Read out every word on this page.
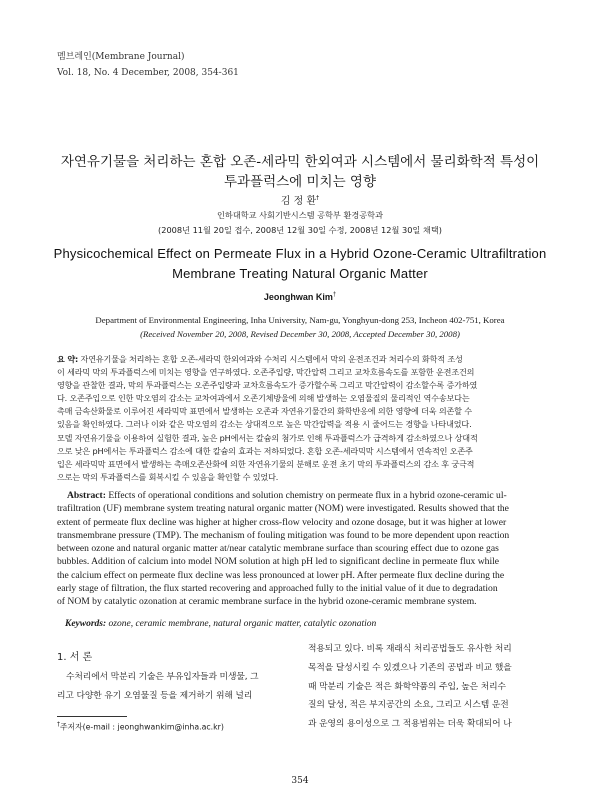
멤브레인(Membrane Journal)
Vol. 18, No. 4 December, 2008, 354-361
자연유기물을 처리하는 혼합 오존-세라믹 한외여과 시스템에서 물리화학적 특성이
투과플럭스에 미치는 영향
김 정 환†
인하대학교 사회기반시스템 공학부 환경공학과
(2008년 11월 20일 접수, 2008년 12월 30일 수정, 2008년 12월 30일 채택)
Physicochemical Effect on Permeate Flux in a Hybrid Ozone-Ceramic Ultrafiltration
Membrane Treating Natural Organic Matter
Jeonghwan Kim†
Department of Environmental Engineering, Inha University, Nam-gu, Yonghyun-dong 253, Incheon 402-751, Korea
(Received November 20, 2008, Revised December 30, 2008, Accepted December 30, 2008)
요 약: 자연유기물을 처리하는 혼합 오존-세라믹 한외여과와 수처리 시스템에서 막의 운전조건과 처리수의 화학적 조성
이 세라믹 막의 투과플럭스에 미치는 영향을 연구하였다. 오존주입량, 막간압력 그리고 교차흐름속도를 포함한 운전조건의
영향을 관찰한 결과, 막의 투과플럭스는 오존주입량과 교차흐름속도가 증가할수록 그리고 막간압력이 감소할수록 증가하였
다. 오존주입으로 인한 막오염의 감소는 교차여과에서 오존기체방울에 의해 발생하는 오염물질의 물리적인 역수송보다는
촉매 금속산화물로 이루어진 세라믹막 표면에서 발생하는 오존과 자연유기물간의 화학반응에 의한 영향에 더욱 의존할 수
있음을 확인하였다. 그러나 이와 같은 막오염의 감소는 상대적으로 높은 막간압력을 적용 시 줄어드는 경향을 나타내었다.
모델 자연유기물을 이용하여 실험한 결과, 높은 pH에서는 칼슘의 첨가로 인해 투과플럭스가 급격하게 감소하였으나 상대적
으로 낮은 pH에서는 투과플럭스 감소에 대한 칼슘의 효과는 저하되었다. 혼합 오존-세라믹막 시스템에서 연속적인 오존주
입은 세라믹막 표면에서 발생하는 촉매오존산화에 의한 자연유기물의 분해로 운전 초기 막의 투과플럭스의 감소 후 궁극적
으로는 막의 투과플럭스를 회복시킬 수 있음을 확인할 수 있었다.
Abstract: Effects of operational conditions and solution chemistry on permeate flux in a hybrid ozone-ceramic ul-
trafiltration (UF) membrane system treating natural organic matter (NOM) were investigated. Results showed that the
extent of permeate flux decline was higher at higher cross-flow velocity and ozone dosage, but it was higher at lower
transmembrane pressure (TMP). The mechanism of fouling mitigation was found to be more dependent upon reaction
between ozone and natural organic matter at/near catalytic membrane surface than scouring effect due to ozone gas
bubbles. Addition of calcium into model NOM solution at high pH led to significant decline in permeate flux while
the calcium effect on permeate flux decline was less pronounced at lower pH. After permeate flux decline during the
early stage of filtration, the flux started recovering and approached fully to the initial value of it due to degradation
of NOM by catalytic ozonation at ceramic membrane surface in the hybrid ozone-ceramic membrane system.
Keywords: ozone, ceramic membrane, natural organic matter, catalytic ozonation
1. 서 론
수처리에서 막분리 기술은 부유입자들과 미생물, 그
리고 다양한 유기 오염물질 등을 제거하기 위해 널리
적용되고 있다. 비록 재래식 처리공법들도 유사한 처리
목적을 달성시킬 수 있겠으나 기존의 공법과 비교 했을
때 막분리 기술은 적은 화학약품의 주입, 높은 처리수
질의 달성, 적은 부지공간의 소요, 그리고 시스템 운전
과 운영의 용이성으로 그 적용범위는 더욱 확대되어 나
†주저자(e-mail : jeonghwankim@inha.ac.kr)
354
